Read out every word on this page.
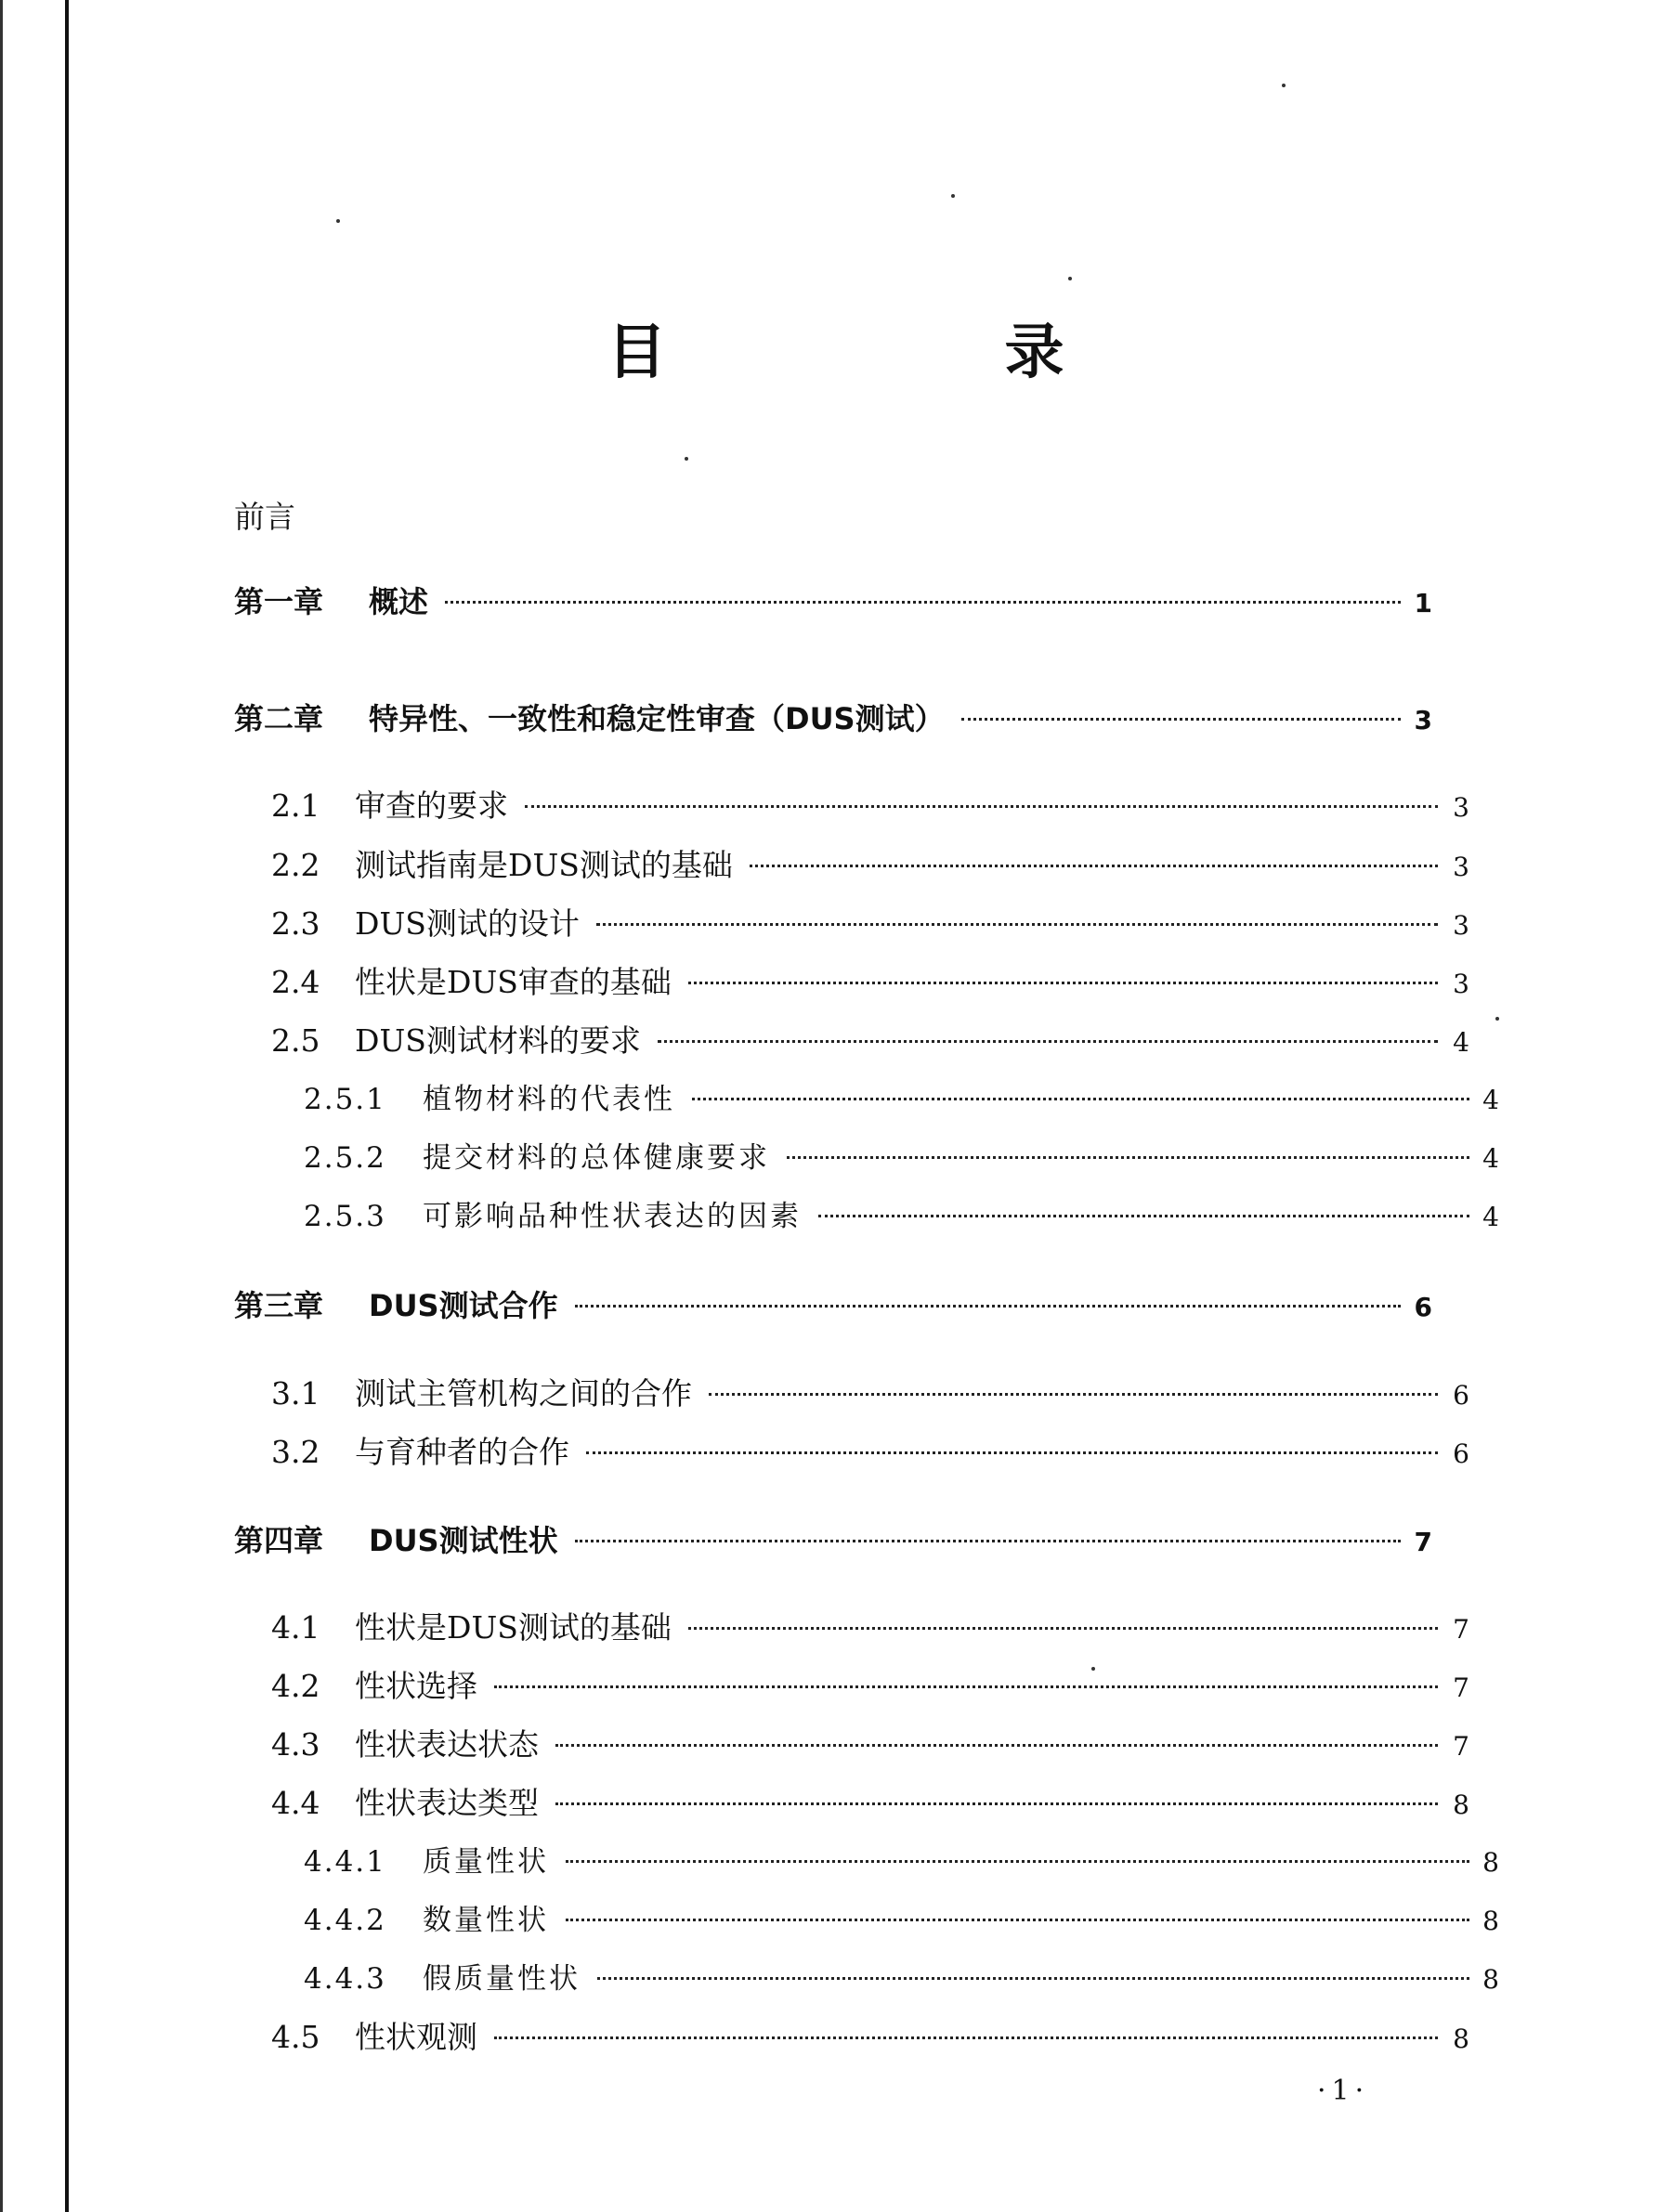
目　录
前言
第一章	概述	1
第二章	特异性、一致性和稳定性审查（DUS测试）	3
2.1	审查的要求	3
2.2	测试指南是DUS测试的基础	3
2.3	DUS测试的设计	3
2.4	性状是DUS审查的基础	3
2.5	DUS测试材料的要求	4
2.5.1	植物材料的代表性	4
2.5.2	提交材料的总体健康要求	4
2.5.3	可影响品种性状表达的因素	4
第三章	DUS测试合作	6
3.1	测试主管机构之间的合作	6
3.2	与育种者的合作	6
第四章	DUS测试性状	7
4.1	性状是DUS测试的基础	7
4.2	性状选择	7
4.3	性状表达状态	7
4.4	性状表达类型	8
4.4.1	质量性状	8
4.4.2	数量性状	8
4.4.3	假质量性状	8
4.5	性状观测	8
·1·
